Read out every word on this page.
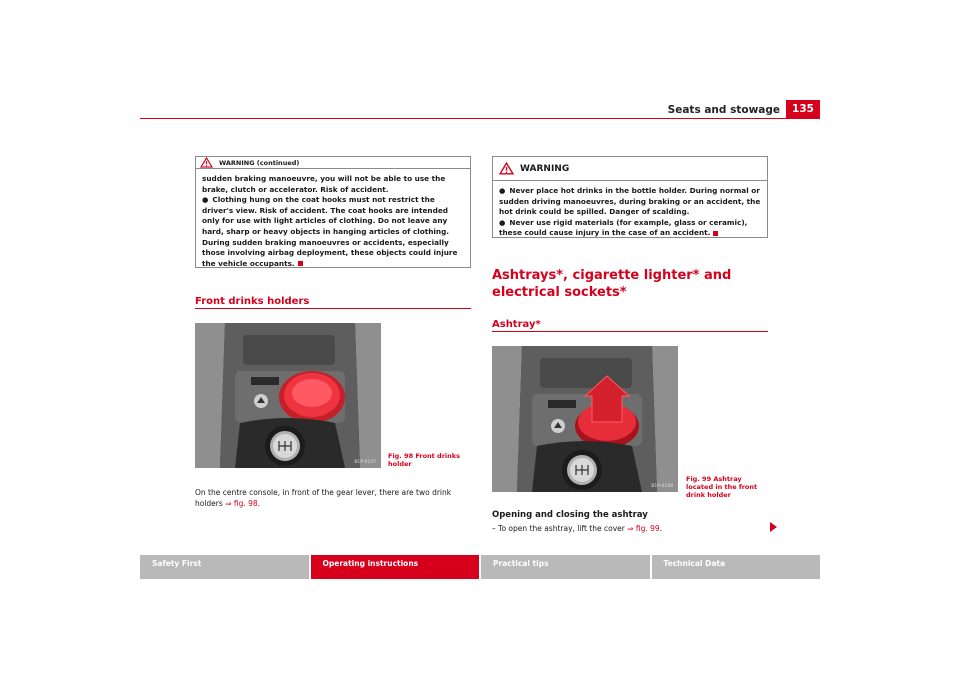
Seats and stowage	135
WARNING (continued)

sudden braking manoeuvre, you will not be able to use the brake, clutch or accelerator. Risk of accident.

● Clothing hung on the coat hooks must not restrict the driver's view. Risk of accident. The coat hooks are intended only for use with light articles of clothing. Do not leave any hard, sharp or heavy objects in hanging articles of clothing. During sudden braking manoeuvres or accidents, especially those involving airbag deployment, these objects could injure the vehicle occupants.

Front drinks holders
B1P-0107
Fig. 98 Front drinks holder
On the centre console, in front of the gear lever, there are two drink holders ⇒ fig. 98.
WARNING

● Never place hot drinks in the bottle holder. During normal or sudden driving manoeuvres, during braking or an accident, the hot drink could be spilled. Danger of scalding.

● Never use rigid materials (for example, glass or ceramic), these could cause injury in the case of an accident.

Ashtrays*, cigarette lighter* and electrical sockets*
Ashtray*
B1P-0108
Fig. 99 Ashtray located in the front drink holder
Opening and closing the ashtray
– To open the ashtray, lift the cover ⇒ fig. 99.
Safety First	Operating instructions	Practical tips	Technical Data
